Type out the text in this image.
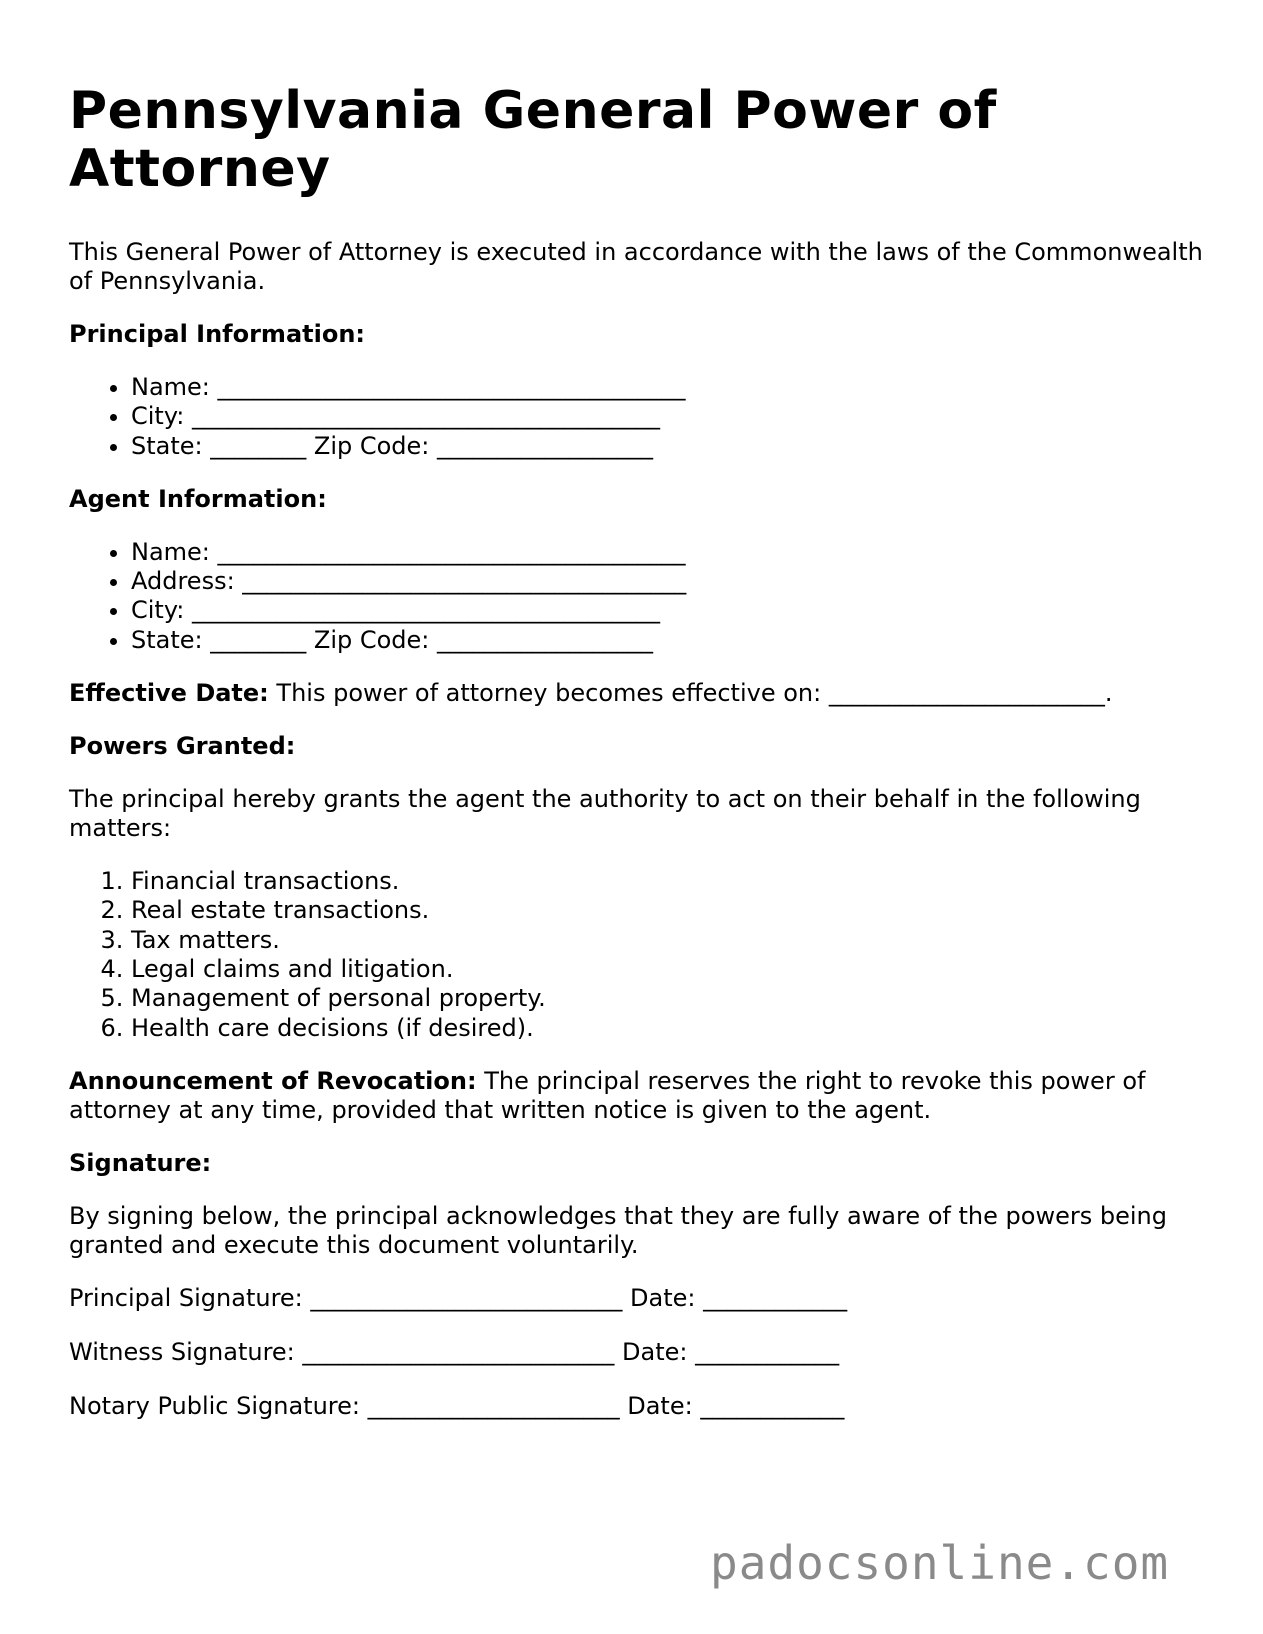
Pennsylvania General Power of Attorney

This General Power of Attorney is executed in accordance with the laws of the Commonwealth of Pennsylvania.

Principal Information:
• Name: _______________________________________
• City: _______________________________________
• State: ________ Zip Code: __________________
Agent Information:
• Name: _______________________________________
• Address: _____________________________________
• City: _______________________________________
• State: ________ Zip Code: __________________

Effective Date: This power of attorney becomes effective on: _______________________.

Powers Granted:

The principal hereby grants the agent the authority to act on their behalf in the following matters:

1. Financial transactions.
2. Real estate transactions.
3. Tax matters.
4. Legal claims and litigation.
5. Management of personal property.
6. Health care decisions (if desired).

Announcement of Revocation: The principal reserves the right to revoke this power of attorney at any time, provided that written notice is given to the agent.

Signature:

By signing below, the principal acknowledges that they are fully aware of the powers being granted and execute this document voluntarily.

Principal Signature: __________________________ Date: ____________
Witness Signature: __________________________ Date: ____________
Notary Public Signature: _____________________ Date: ____________
padocsonline.com
